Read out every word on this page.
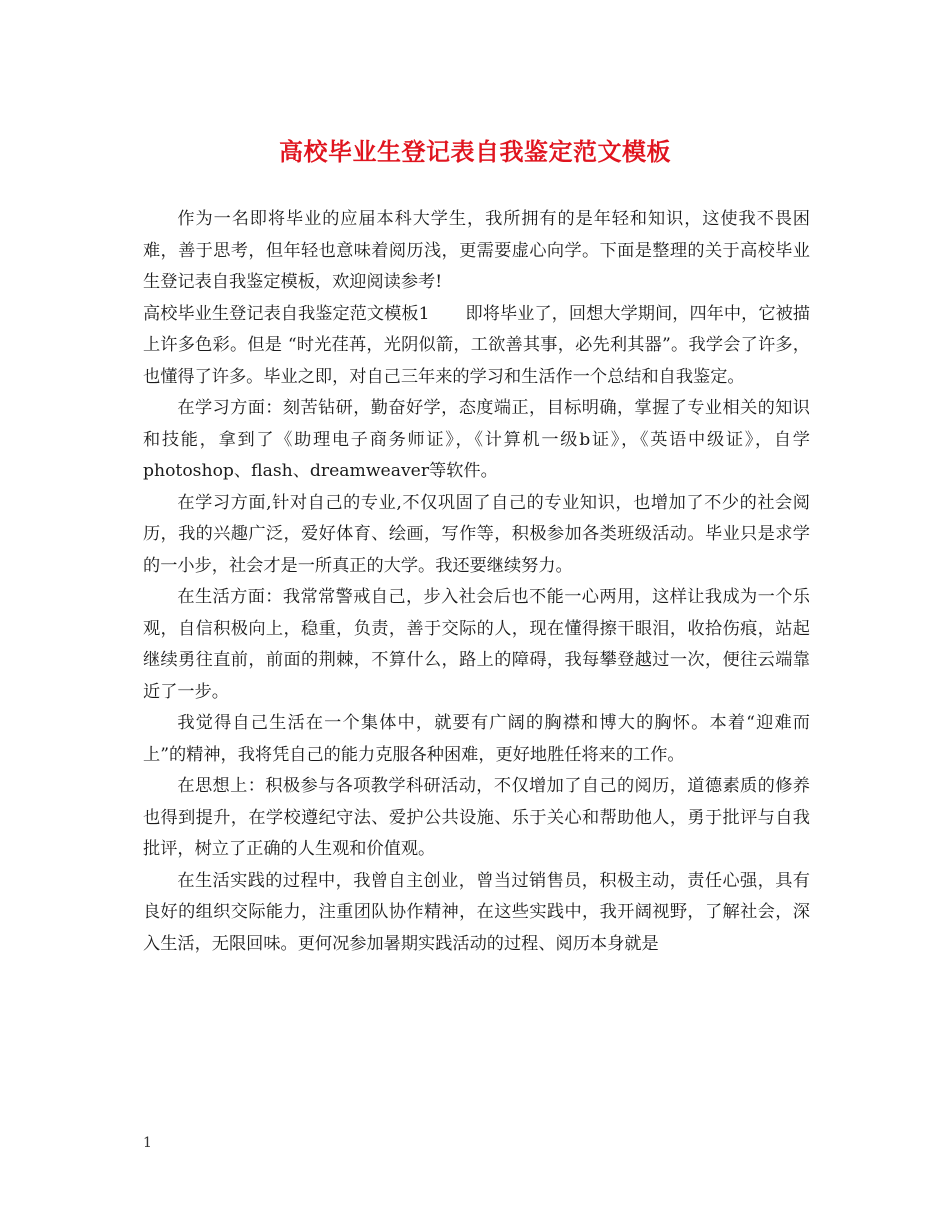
高校毕业生登记表自我鉴定范文模板

作为一名即将毕业的应届本科大学生，我所拥有的是年轻和知识，这使我不畏困难，善于思考，但年轻也意味着阅历浅，更需要虚心向学。下面是整理的关于高校毕业生登记表自我鉴定模板，欢迎阅读参考!

高校毕业生登记表自我鉴定范文模板1 即将毕业了，回想大学期间，四年中，它被描上许多色彩。但是 “时光荏苒，光阴似箭，工欲善其事，必先利其器”。我学会了许多，也懂得了许多。毕业之即，对自己三年来的学习和生活作一个总结和自我鉴定。

在学习方面：刻苦钻研，勤奋好学，态度端正，目标明确，掌握了专业相关的知识和技能，拿到了《助理电子商务师证》，《计算机一级b证》，《英语中级证》，自学photoshop、flash、dreamweaver等软件。

在学习方面,针对自己的专业,不仅巩固了自己的专业知识，也增加了不少的社会阅历，我的兴趣广泛，爱好体育、绘画，写作等，积极参加各类班级活动。毕业只是求学的一小步，社会才是一所真正的大学。我还要继续努力。

在生活方面：我常常警戒自己，步入社会后也不能一心两用，这样让我成为一个乐观，自信积极向上，稳重，负责，善于交际的人，现在懂得擦干眼泪，收拾伤痕，站起继续勇往直前，前面的荆棘，不算什么，路上的障碍，我每攀登越过一次，便往云端靠近了一步。

我觉得自己生活在一个集体中，就要有广阔的胸襟和博大的胸怀。本着“迎难而上”的精神，我将凭自己的能力克服各种困难，更好地胜任将来的工作。

在思想上：积极参与各项教学科研活动，不仅增加了自己的阅历，道德素质的修养也得到提升，在学校遵纪守法、爱护公共设施、乐于关心和帮助他人，勇于批评与自我批评，树立了正确的人生观和价值观。

在生活实践的过程中，我曾自主创业，曾当过销售员，积极主动，责任心强，具有良好的组织交际能力，注重团队协作精神，在这些实践中，我开阔视野，了解社会，深入生活，无限回味。更何况参加暑期实践活动的过程、阅历本身就是

1
